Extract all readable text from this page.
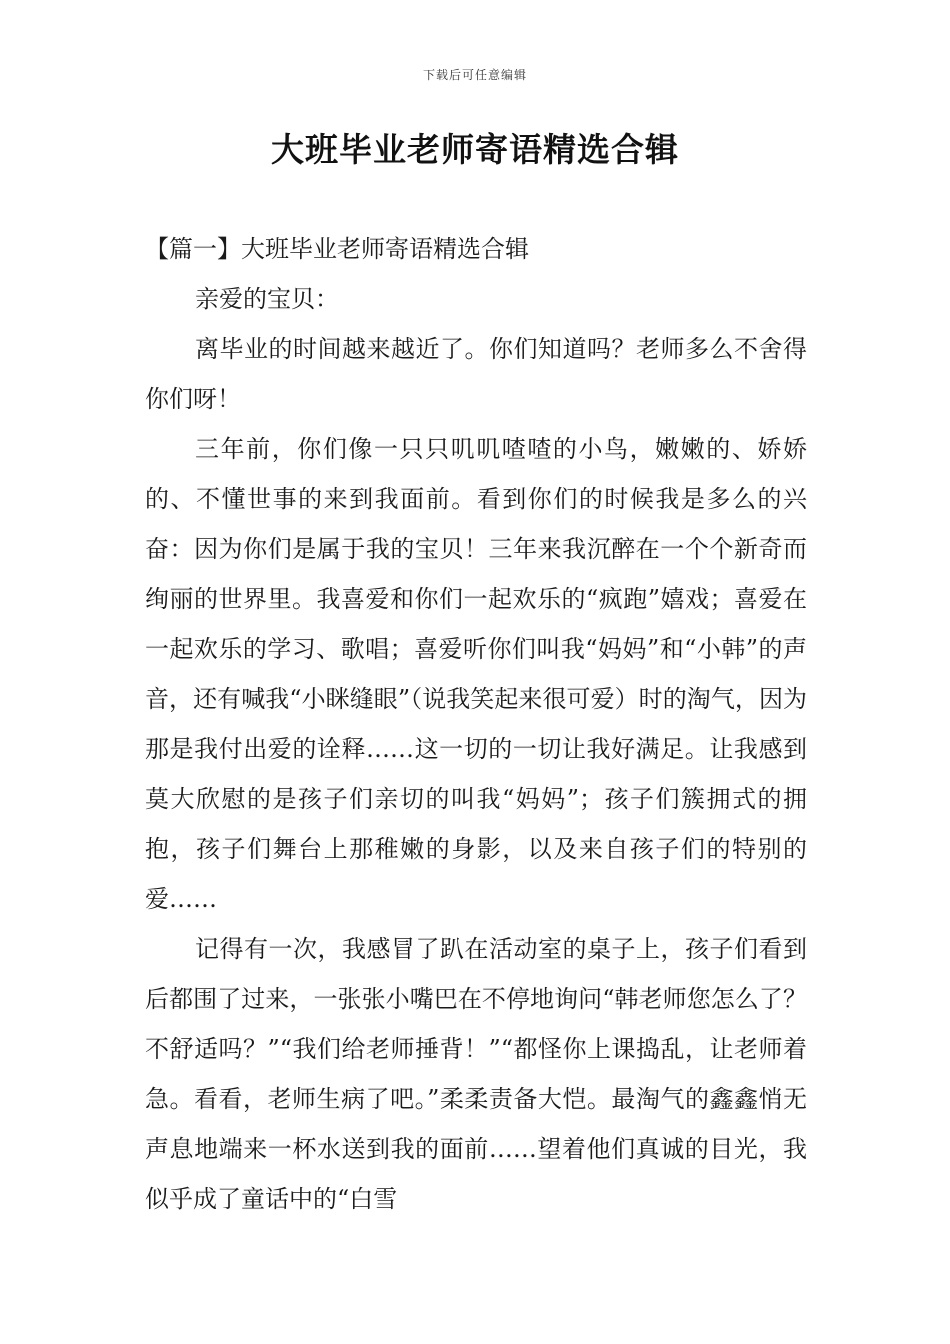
下载后可任意编辑
大班毕业老师寄语精选合辑

【篇一】大班毕业老师寄语精选合辑

亲爱的宝贝：

离毕业的时间越来越近了。你们知道吗？老师多么不舍得你们呀！

三年前，你们像一只只叽叽喳喳的小鸟，嫩嫩的、娇娇的、不懂世事的来到我面前。看到你们的时候我是多么的兴奋：因为你们是属于我的宝贝！三年来我沉醉在一个个新奇而绚丽的世界里。我喜爱和你们一起欢乐的“疯跑”嬉戏；喜爱在一起欢乐的学习、歌唱；喜爱听你们叫我“妈妈”和“小韩”的声音，还有喊我“小眯缝眼”（说我笑起来很可爱）时的淘气，因为那是我付出爱的诠释……这一切的一切让我好满足。让我感到莫大欣慰的是孩子们亲切的叫我“妈妈”；孩子们簇拥式的拥抱，孩子们舞台上那稚嫩的身影，以及来自孩子们的特别的爱……

记得有一次，我感冒了趴在活动室的桌子上，孩子们看到后都围了过来，一张张小嘴巴在不停地询问“韩老师您怎么了？不舒适吗？”“我们给老师捶背！”“都怪你上课捣乱，让老师着急。看看，老师生病了吧。”柔柔责备大恺。最淘气的鑫鑫悄无声息地端来一杯水送到我的面前……望着他们真诚的目光，我似乎成了童话中的“白雪
